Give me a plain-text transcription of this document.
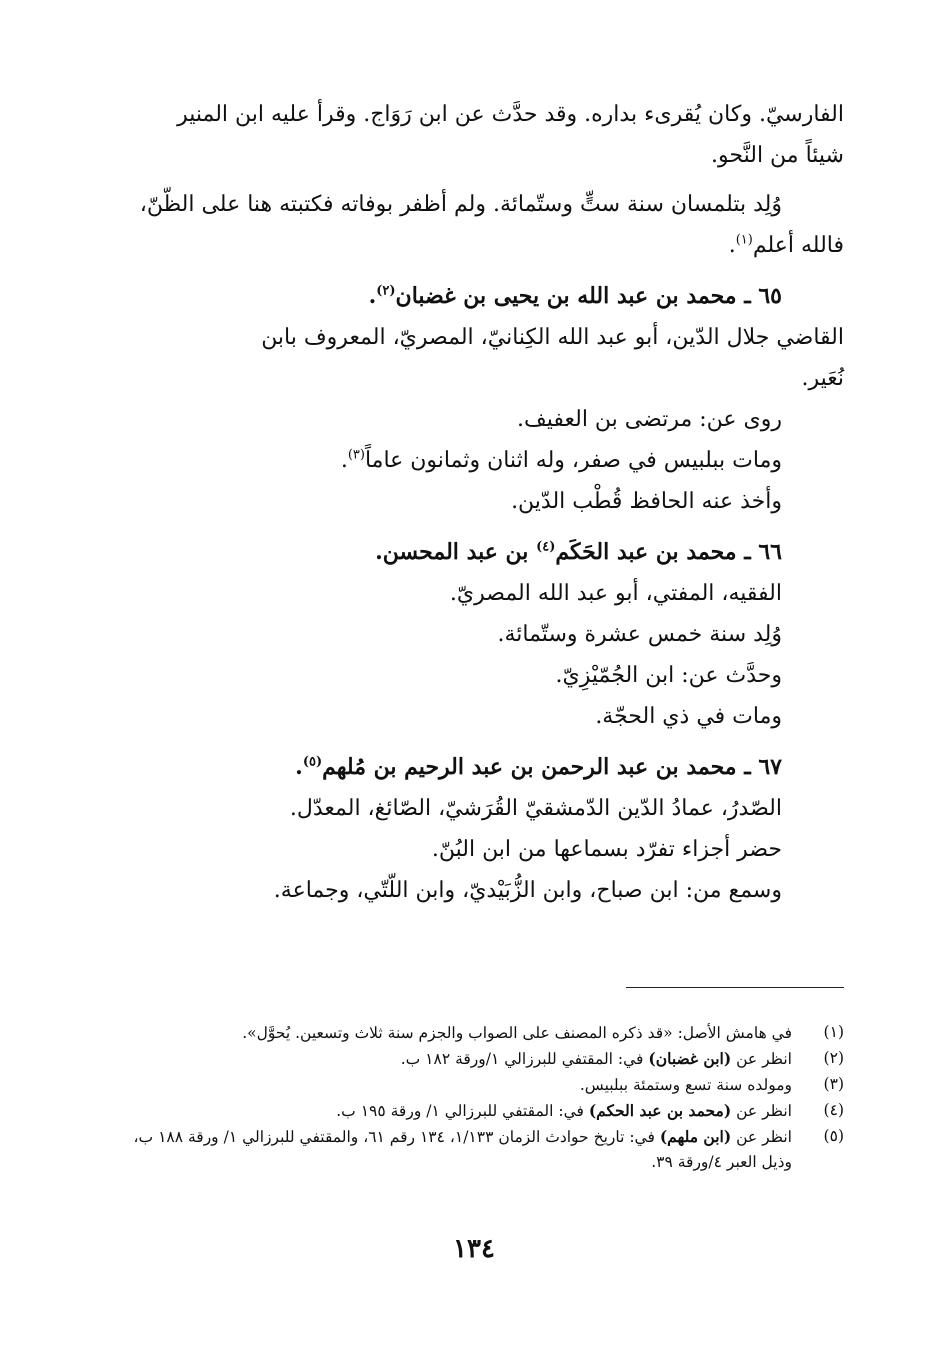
الفارسيّ. وكان يُقرىء بداره. وقد حدَّث عن ابن رَوَاج. وقرأ عليه ابن المنير
شيئاً من النَّحو.
وُلِد بتلمسان سنة ستٍّ وستّمائة. ولم أظفر بوفاته فكتبته هنا على الظّنّ،
فالله أعلم$^{(١)}$.
٦٥ ـ محمد بن عبد الله بن يحيى بن غضبان$^{(٢)}$.
القاضي جلال الدّين، أبو عبد الله الكِنانيّ، المصريّ، المعروف بابن
نُعَير.
روى عن: مرتضى بن العفيف.
ومات ببلبيس في صفر، وله اثنان وثمانون عاماً$^{(٣)}$.
وأخذ عنه الحافظ قُطْب الدّين.
٦٦ ـ محمد بن عبد الحَكَم$^{(٤)}$ بن عبد المحسن.
الفقيه، المفتي، أبو عبد الله المصريّ.
وُلِد سنة خمس عشرة وستّمائة.
وحدَّث عن: ابن الجُمّيْزِيّ.
ومات في ذي الحجّة.
٦٧ ـ محمد بن عبد الرحمن بن عبد الرحيم بن مُلهم$^{(٥)}$.
الصّدرُ، عمادُ الدّين الدّمشقيّ القُرَشيّ، الصّائغ، المعدّل.
حضر أجزاء تفرّد بسماعها من ابن البُنّ.
وسمع من: ابن صباح، وابن الزُّبَيْديّ، وابن اللّتّي، وجماعة.
(١)
في هامش الأصل: «قد ذكره المصنف على الصواب والجزم سنة ثلاث وتسعين. يُحوَّل».
(٢)
انظر عن (ابن غضبان) في: المقتفي للبرزالي ١/ورقة ١٨٢ ب.
(٣)
ومولده سنة تسع وستمئة ببلبيس.
(٤)
انظر عن (محمد بن عبد الحكم) في: المقتفي للبرزالي ١/ ورقة ١٩٥ ب.
(٥)
انظر عن (ابن ملهم) في: تاريخ حوادث الزمان ١/١٣٣، ١٣٤ رقم ٦١، والمقتفي للبرزالي ١/ ورقة ١٨٨ ب، وذيل العبر ٤/ورقة ٣٩.
١٣٤
